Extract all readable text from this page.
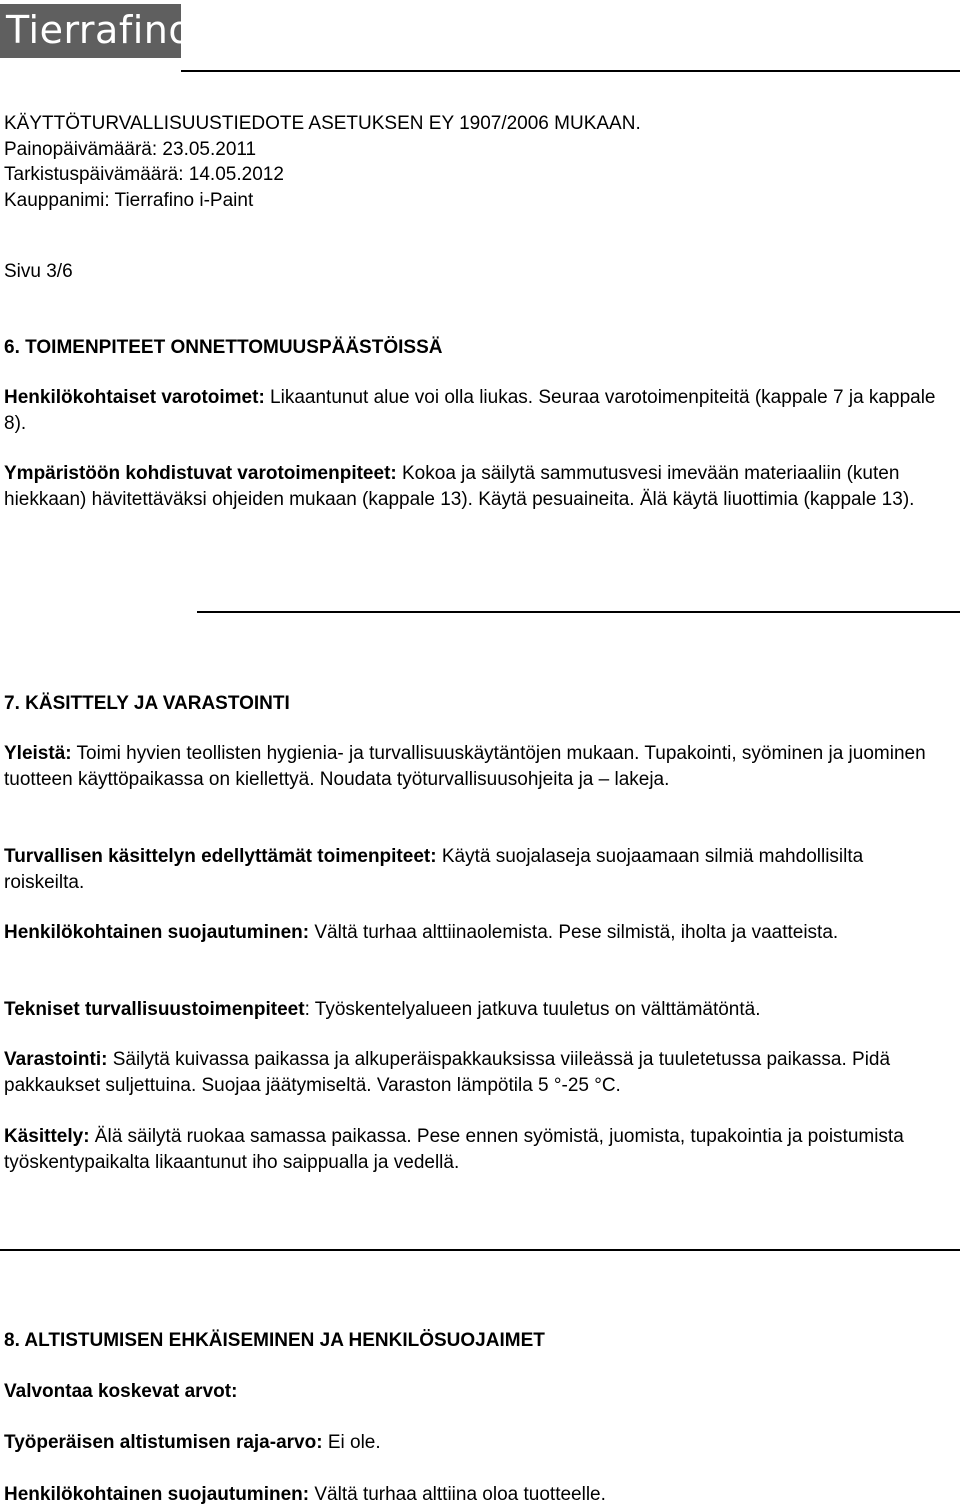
Tierrafino
KÄYTTÖTURVALLISUUSTIEDOTE ASETUKSEN EY 1907/2006 MUKAAN.
Painopäivämäärä: 23.05.2011
Tarkistuspäivämäärä: 14.05.2012
Kauppanimi: Tierrafino i-Paint
Sivu 3/6
6. TOIMENPITEET ONNETTOMUUSPÄÄSTÖISSÄ
Henkilökohtaiset varotoimet: Likaantunut alue voi olla liukas. Seuraa varotoimenpiteitä (kappale 7 ja kappale 8).
Ympäristöön kohdistuvat varotoimenpiteet: Kokoa ja säilytä sammutusvesi imevään materiaaliin (kuten hiekkaan) hävitettäväksi ohjeiden mukaan (kappale 13). Käytä pesuaineita. Älä käytä liuottimia (kappale 13).
7. KÄSITTELY JA VARASTOINTI
Yleistä: Toimi hyvien teollisten hygienia- ja turvallisuuskäytäntöjen mukaan. Tupakointi, syöminen ja juominen tuotteen käyttöpaikassa on kiellettyä. Noudata työturvallisuusohjeita ja – lakeja.
Turvallisen käsittelyn edellyttämät toimenpiteet: Käytä suojalaseja suojaamaan silmiä mahdollisilta roiskeilta.
Henkilökohtainen suojautuminen: Vältä turhaa alttiinaolemista. Pese silmistä, iholta ja vaatteista.
Tekniset turvallisuustoimenpiteet: Työskentelyalueen jatkuva tuuletus on välttämätöntä.
Varastointi: Säilytä kuivassa paikassa ja alkuperäispakkauksissa viileässä ja tuuletetussa paikassa. Pidä pakkaukset suljettuina. Suojaa jäätymiseltä. Varaston lämpötila 5 °-25 °C.
Käsittely: Älä säilytä ruokaa samassa paikassa. Pese ennen syömistä, juomista, tupakointia ja poistumista työskentypaikalta likaantunut iho saippualla ja vedellä.
8. ALTISTUMISEN EHKÄISEMINEN JA HENKILÖSUOJAIMET
Valvontaa koskevat arvot:
Työperäisen altistumisen raja-arvo: Ei ole.
Henkilökohtainen suojautuminen: Vältä turhaa alttiina oloa tuotteelle.
